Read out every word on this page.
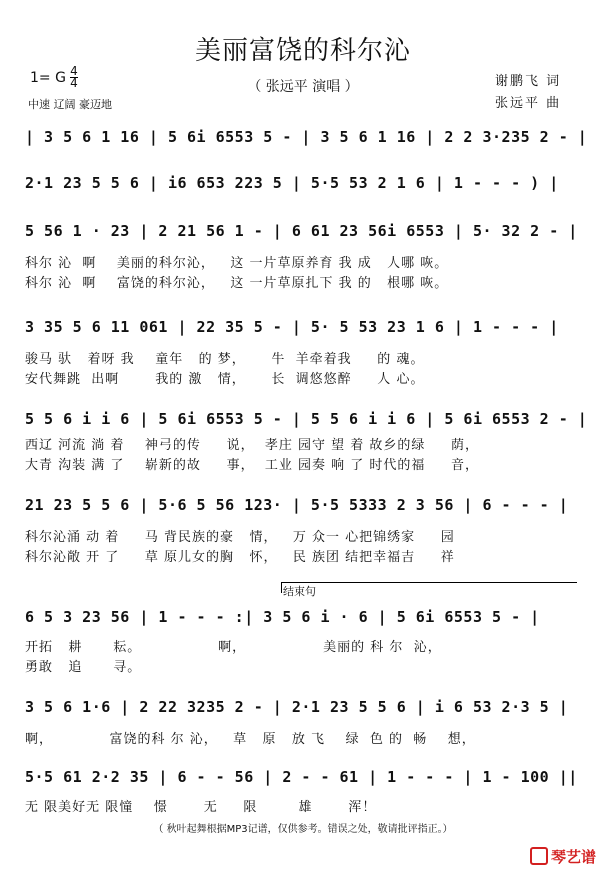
美丽富饶的科尔沁
（ 张远平 演唱 ）
1= G 4
4
中速 辽阔 豪迈地
谢鹏飞 词
张远平 曲
| 3 5 6 1 16 | 5 6i 6553 5 - | 3 5 6 1 16 | 2 2 3·235 2 - |
2·1 23 5 5 6 | i6 653 223 5 | 5·5 53 2 1 6 | 1 - - - ) |
5 56 1 · 23 | 2 21 56 1 - | 6 61 23 56i 6553 | 5· 32 2 - |
科尔 沁  啊    美丽的科尔沁，   这 一片草原养育 我 成   人哪 咴。
科尔 沁  啊    富饶的科尔沁，   这 一片草原扎下 我 的   根哪 咴。
3 35 5 6 11 061 | 22 35 5 - | 5· 5 53 23 1 6 | 1 - - - |
骏马 驮   着呀 我    童年   的 梦，     牛  羊牵着我     的 魂。
安代舞跳  出啊       我的 激   情，     长  调悠悠醉     人 心。
5 5 6 i i 6 | 5 6i 6553 5 - | 5 5 6 i i 6 | 5 6i 6553 2 - |
西辽 河流 淌 着    神弓的传     说，  孝庄 园守 望 着 故乡的绿     荫，
大青 沟装 满 了    崭新的故     事，  工业 园奏 响 了 时代的福     音，
21 23 5 5 6 | 5·6 5 56 123· | 5·5 5333 2 3 56 | 6 - - - |
科尔沁涌 动 着     马 背民族的豪   情，   万 众一 心把锦绣家     园
科尔沁敞 开 了     草 原儿女的胸   怀，   民 族团 结把幸福吉     祥
结束句
6 5 3 23 56 | 1 - - - :| 3 5 6 i · 6 | 5 6i 6553 5 - |
开拓   耕      耘。               啊，               美丽的 科 尔  沁，
勇敢   追      寻。
3 5 6 1·6 | 2 22 3235 2 - | 2·1 23 5 5 6 | i 6 53 2·3 5 |
啊，           富饶的科 尔 沁，   草   原   放 飞    绿  色 的  畅    想，
5·5 61 2·2 35 | 6 - - 56 | 2 - - 61 | 1 - - - | 1 - 100 ||
无 限美好无 限憧    憬       无     限        雄       浑！
（ 秋叶起舞根据MP3记谱，仅供参考。错误之处，敬请批评指正。）
琴艺谱
